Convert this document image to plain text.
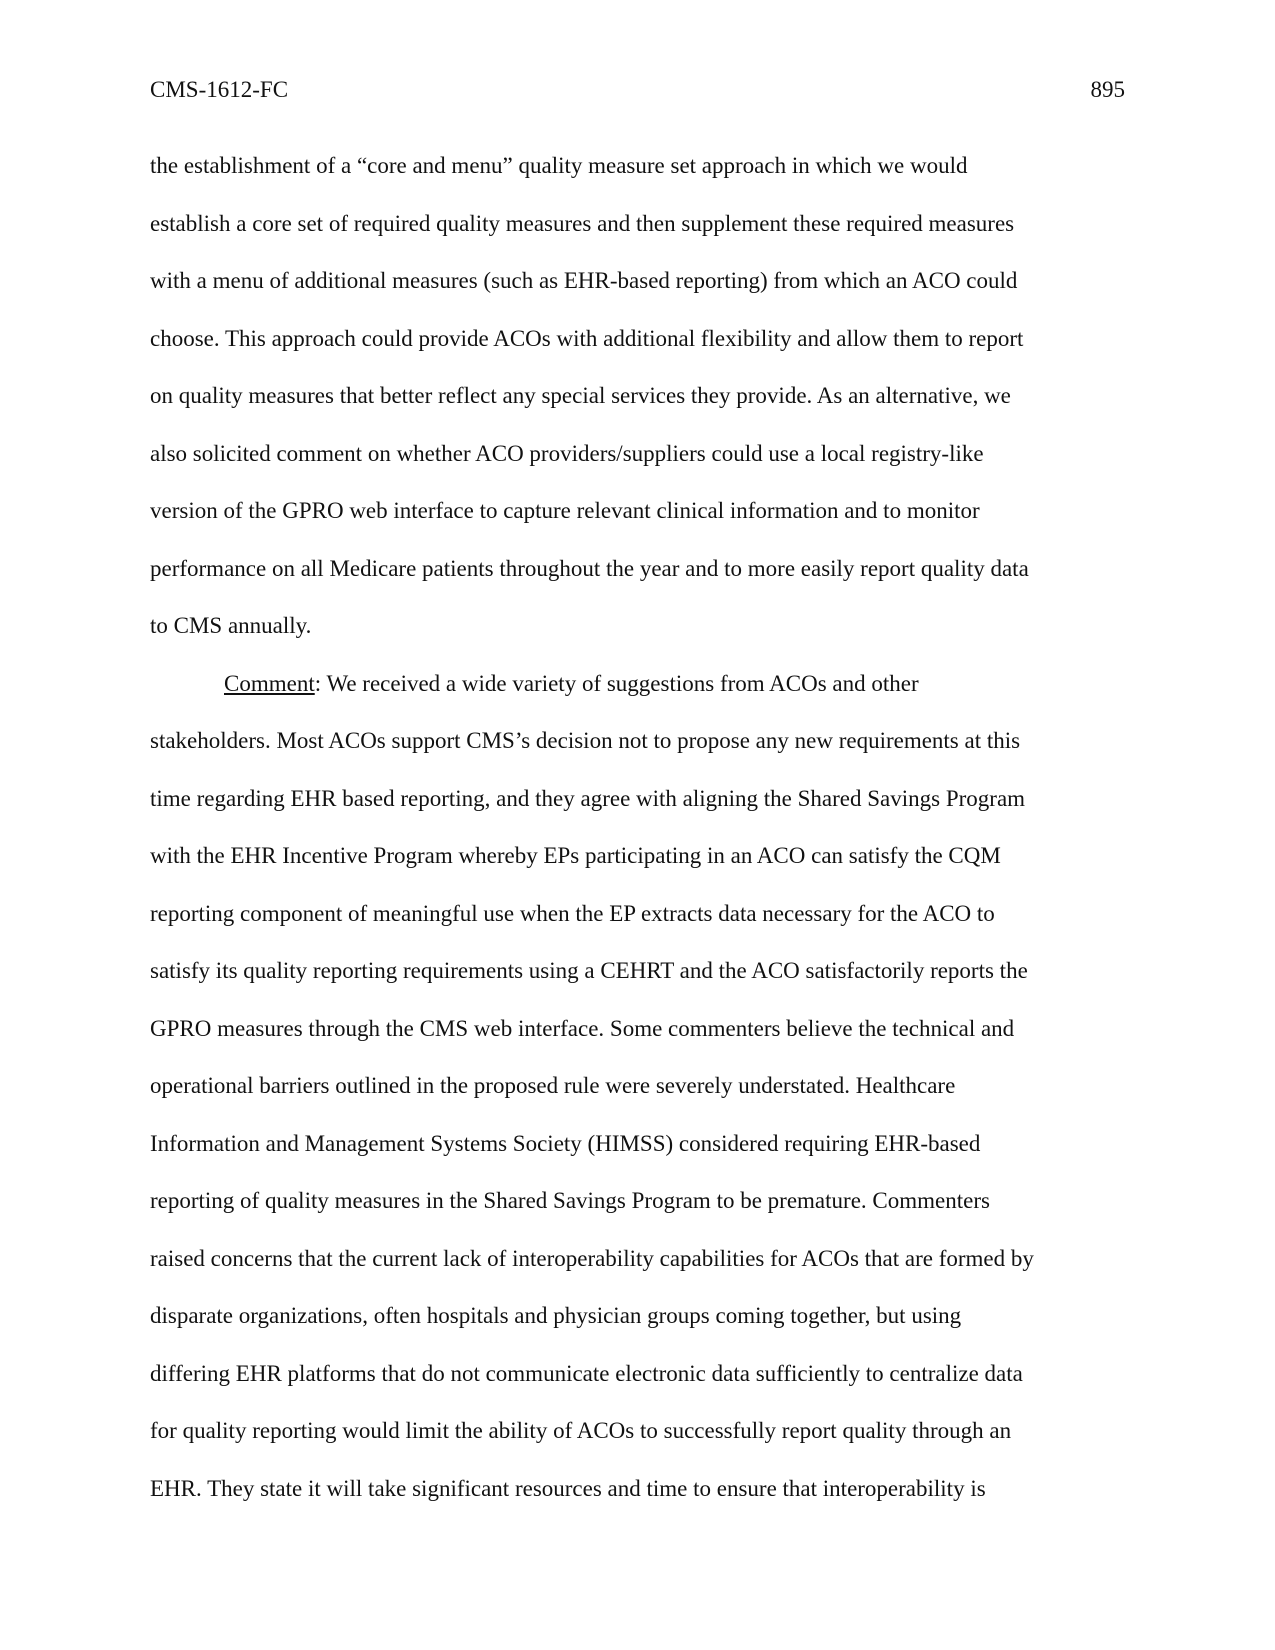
CMS-1612-FC	895
the establishment of a “core and menu” quality measure set approach in which we would
establish a core set of required quality measures and then supplement these required measures
with a menu of additional measures (such as EHR-based reporting) from which an ACO could
choose. This approach could provide ACOs with additional flexibility and allow them to report
on quality measures that better reflect any special services they provide. As an alternative, we
also solicited comment on whether ACO providers/suppliers could use a local registry-like
version of the GPRO web interface to capture relevant clinical information and to monitor
performance on all Medicare patients throughout the year and to more easily report quality data
to CMS annually.
Comment: We received a wide variety of suggestions from ACOs and other
stakeholders. Most ACOs support CMS’s decision not to propose any new requirements at this
time regarding EHR based reporting, and they agree with aligning the Shared Savings Program
with the EHR Incentive Program whereby EPs participating in an ACO can satisfy the CQM
reporting component of meaningful use when the EP extracts data necessary for the ACO to
satisfy its quality reporting requirements using a CEHRT and the ACO satisfactorily reports the
GPRO measures through the CMS web interface. Some commenters believe the technical and
operational barriers outlined in the proposed rule were severely understated. Healthcare
Information and Management Systems Society (HIMSS) considered requiring EHR-based
reporting of quality measures in the Shared Savings Program to be premature. Commenters
raised concerns that the current lack of interoperability capabilities for ACOs that are formed by
disparate organizations, often hospitals and physician groups coming together, but using
differing EHR platforms that do not communicate electronic data sufficiently to centralize data
for quality reporting would limit the ability of ACOs to successfully report quality through an
EHR. They state it will take significant resources and time to ensure that interoperability is
